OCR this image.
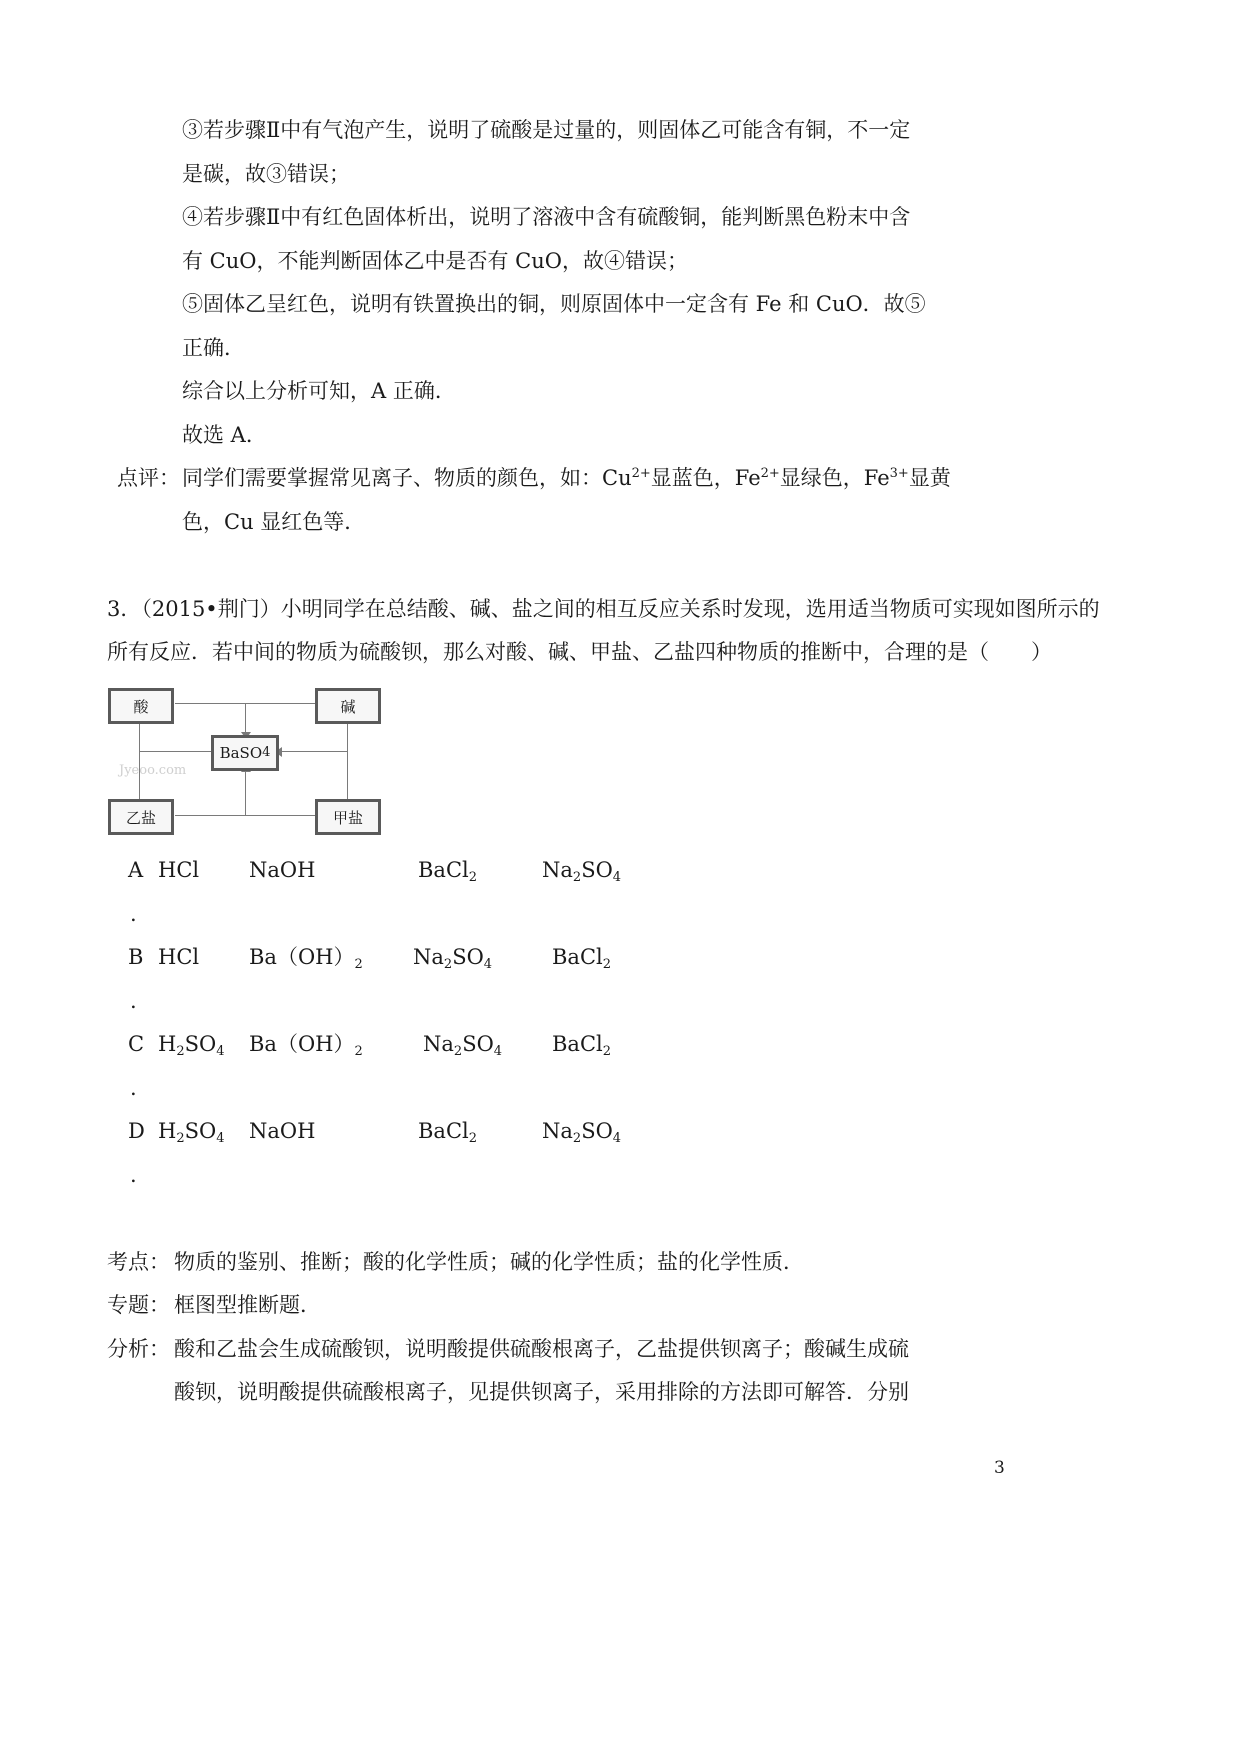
③若步骤Ⅱ中有气泡产生，说明了硫酸是过量的，则固体乙可能含有铜，不一定
是碳，故③错误；
④若步骤Ⅱ中有红色固体析出，说明了溶液中含有硫酸铜，能判断黑色粉末中含
有 CuO，不能判断固体乙中是否有 CuO，故④错误；
⑤固体乙呈红色，说明有铁置换出的铜，则原固体中一定含有 Fe 和 CuO．故⑤
正确．
综合以上分析可知，A 正确．
故选 A．
点评： 同学们需要掌握常见离子、物质的颜色，如：$Cu^{2+}$显蓝色，$Fe^{2+}$显绿色，$Fe^{3+}$显黄
色，Cu 显红色等．
3．（2015•荆门）小明同学在总结酸、碱、盐之间的相互反应关系时发现，选用适当物质可实现如图所示的
所有反应．若中间的物质为硫酸钡，那么对酸、碱、甲盐、乙盐四种物质的推断中，合理的是（　　）
酸	碱
BaSO 4
乙盐	甲盐
Jyeoo.com
A HCl NaOH	BaCl$_2$	$Na_2SO_4$
.
B HCl $Ba(OH)_2$ $Na_2SO_4$	BaCl$_2$
.
C $H_2SO_4$ $Ba(OH)_2$	$Na_2SO_4$ BaCl$_2$
.
D $H_2SO_4$ NaOH	BaCl$_2$	$Na_2SO_4$
.
考点： 物质的鉴别、推断；酸的化学性质；碱的化学性质；盐的化学性质．
专题： 框图型推断题．
分析： 酸和乙盐会生成硫酸钡，说明酸提供硫酸根离子，乙盐提供钡离子；酸碱生成硫
酸钡，说明酸提供硫酸根离子，见提供钡离子，采用排除的方法即可解答．分别
3
